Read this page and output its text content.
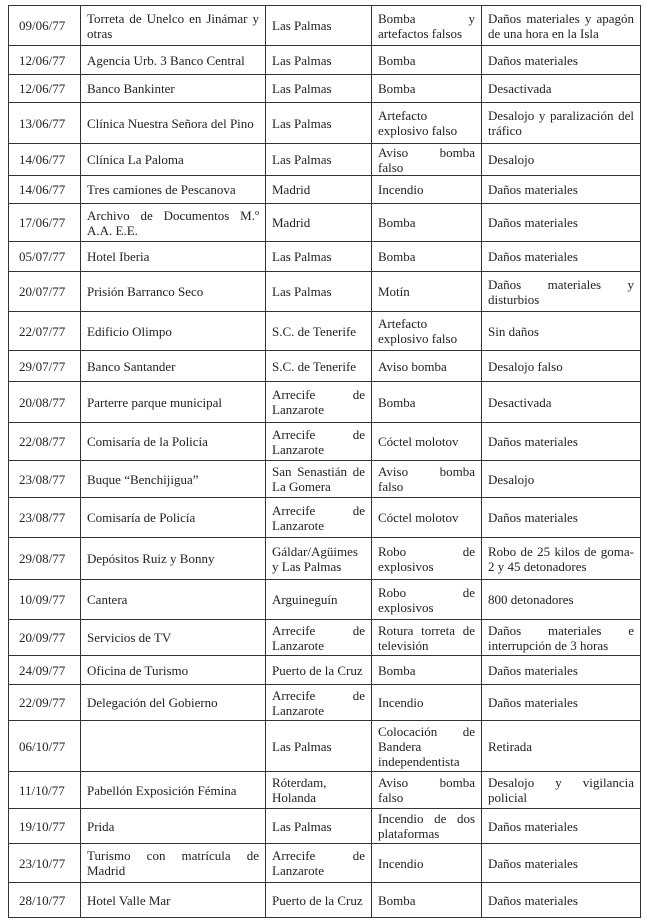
09/06/77	Torreta de Unelco en Jinámar y otras	Las Palmas	Bomba y artefactos falsos	Daños materiales y apagón de una hora en la Isla
12/06/77	Agencia Urb. 3 Banco Central	Las Palmas	Bomba	Daños materiales
12/06/77	Banco Bankinter	Las Palmas	Bomba	Desactivada
13/06/77	Clínica Nuestra Señora del Pino	Las Palmas	Artefacto explosivo falso	Desalojo y paralización del tráfico
14/06/77	Clínica La Paloma	Las Palmas	Aviso bomba falso	Desalojo
14/06/77	Tres camiones de Pescanova	Madrid	Incendio	Daños materiales
17/06/77	Archivo de Documentos M.º A.A. E.E.	Madrid	Bomba	Daños materiales
05/07/77	Hotel Iberia	Las Palmas	Bomba	Daños materiales
20/07/77	Prisión Barranco Seco	Las Palmas	Motín	Daños materiales y disturbios
22/07/77	Edificio Olimpo	S.C. de Tenerife	Artefacto explosivo falso	Sin daños
29/07/77	Banco Santander	S.C. de Tenerife	Aviso bomba	Desalojo falso
20/08/77	Parterre parque municipal	Arrecife de Lanzarote	Bomba	Desactivada
22/08/77	Comisaría de la Policía	Arrecife de Lanzarote	Cóctel molotov	Daños materiales
23/08/77	Buque “Benchijigua”	San Senastián de La Gomera	Aviso bomba falso	Desalojo
23/08/77	Comisaría de Policía	Arrecife de Lanzarote	Cóctel molotov	Daños materiales
29/08/77	Depósitos Ruiz y Bonny	Gáldar/Agüimes y Las Palmas	Robo de explosivos	Robo de 25 kilos de goma-2 y 45 detonadores
10/09/77	Cantera	Arguineguín	Robo de explosivos	800 detonadores
20/09/77	Servicios de TV	Arrecife de Lanzarote	Rotura torreta de televisión	Daños materiales e interrupción de 3 horas
24/09/77	Oficina de Turismo	Puerto de la Cruz	Bomba	Daños materiales
22/09/77	Delegación del Gobierno	Arrecife de Lanzarote	Incendio	Daños materiales
06/10/77		Las Palmas	Colocación de Bandera independentista	Retirada
11/10/77	Pabellón Exposición Fémina	Róterdam, Holanda	Aviso bomba falso	Desalojo y vigilancia policial
19/10/77	Prida	Las Palmas	Incendio de dos plataformas	Daños materiales
23/10/77	Turismo con matrícula de Madrid	Arrecife de Lanzarote	Incendio	Daños materiales
28/10/77	Hotel Valle Mar	Puerto de la Cruz	Bomba	Daños materiales
